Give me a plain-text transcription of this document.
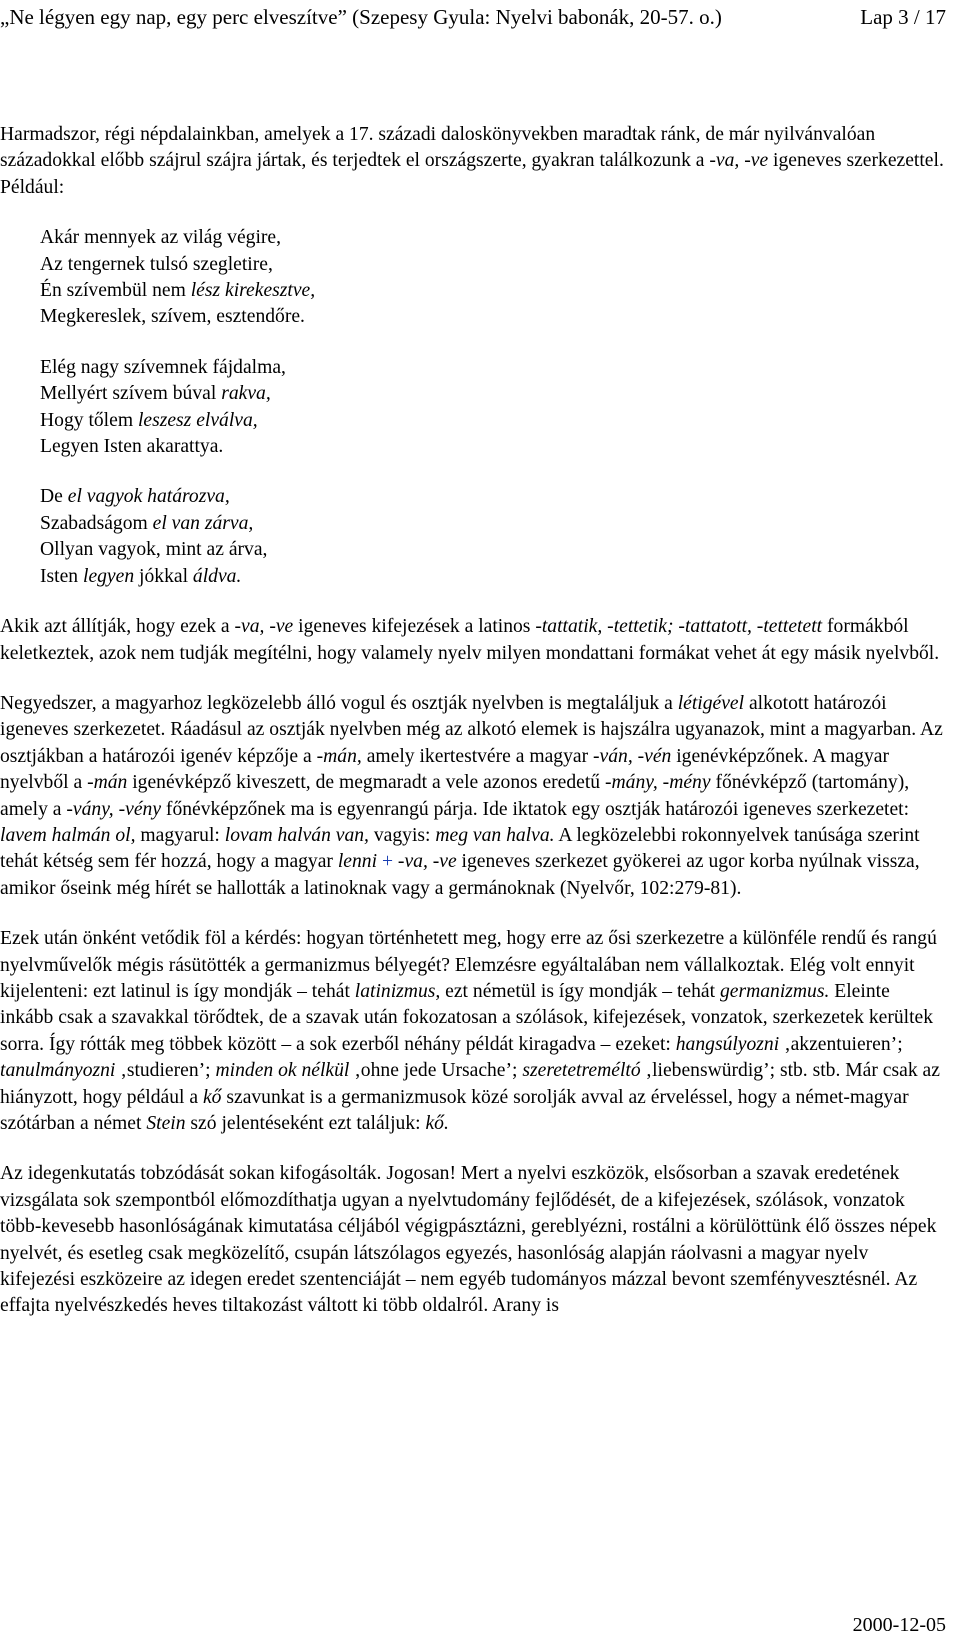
„Ne légyen egy nap, egy perc elveszítve” (Szepesy Gyula: Nyelvi babonák, 20-57. o.)	Lap 3 / 17

Harmadszor, régi népdalainkban, amelyek a 17. századi daloskönyvekben maradtak ránk, de már nyilvánvalóan századokkal előbb szájrul szájra jártak, és terjedtek el országszerte, gyakran találkozunk a -va, -ve igeneves szerkezettel. Például:

Akár mennyek az világ végire,
Az tengernek tulsó szegletire,
Én szívembül nem lész kirekesztve,
Megkereslek, szívem, esztendőre.
Elég nagy szívemnek fájdalma,
Mellyért szívem búval rakva,
Hogy tőlem leszesz elválva,
Legyen Isten akarattya.
De el vagyok határozva,
Szabadságom el van zárva,
Ollyan vagyok, mint az árva,
Isten legyen jókkal áldva.

Akik azt állítják, hogy ezek a -va, -ve igeneves kifejezések a latinos -tattatik, -tettetik; -tattatott, -tettetett formákból keletkeztek, azok nem tudják megítélni, hogy valamely nyelv milyen mondattani formákat vehet át egy másik nyelvből.

Negyedszer, a magyarhoz legközelebb álló vogul és osztják nyelvben is megtaláljuk a létigével alkotott határozói igeneves szerkezetet. Ráadásul az osztják nyelvben még az alkotó elemek is hajszálra ugyanazok, mint a magyarban. Az osztjákban a határozói igenév képzője a -mán, amely ikertestvére a magyar -ván, -vén igenévképzőnek. A magyar nyelvből a -mán igenévképző kiveszett, de megmaradt a vele azonos eredetű -mány, -mény főnévképző (tartomány), amely a -vány, -vény főnévképzőnek ma is egyenrangú párja. Ide iktatok egy osztják határozói igeneves szerkezetet: lavem halmán ol, magyarul: lovam halván van, vagyis: meg van halva. A legközelebbi rokonnyelvek tanúsága szerint tehát kétség sem fér hozzá, hogy a magyar lenni + -va, -ve igeneves szerkezet gyökerei az ugor korba nyúlnak vissza, amikor őseink még hírét se hallották a latinoknak vagy a germánoknak (Nyelvőr, 102:279-81).

Ezek után önként vetődik föl a kérdés: hogyan történhetett meg, hogy erre az ősi szerkezetre a különféle rendű és rangú nyelvművelők mégis rásütötték a germanizmus bélyegét? Elemzésre egyáltalában nem vállalkoztak. Elég volt ennyit kijelenteni: ezt latinul is így mondják – tehát latinizmus, ezt németül is így mondják – tehát germanizmus. Eleinte inkább csak a szavakkal törődtek, de a szavak után fokozatosan a szólások, kifejezések, vonzatok, szerkezetek kerültek sorra. Így rótták meg többek között – a sok ezerből néhány példát kiragadva – ezeket: hangsúlyozni ‚akzentuieren’; tanulmányozni ‚studieren’; minden ok nélkül ‚ohne jede Ursache’; szeretetreméltó ‚liebenswürdig’; stb. stb. Már csak az hiányzott, hogy például a kő szavunkat is a germanizmusok közé sorolják avval az érveléssel, hogy a német-magyar szótárban a német Stein szó jelentéseként ezt találjuk: kő.

Az idegenkutatás tobzódását sokan kifogásolták. Jogosan! Mert a nyelvi eszközök, elsősorban a szavak eredetének vizsgálata sok szempontból előmozdíthatja ugyan a nyelvtudomány fejlődését, de a kifejezések, szólások, vonzatok több-kevesebb hasonlóságának kimutatása céljából végigpásztázni, gereblyézni, rostálni a körülöttünk élő összes népek nyelvét, és esetleg csak megközelítő, csupán látszólagos egyezés, hasonlóság alapján ráolvasni a magyar nyelv kifejezési eszközeire az idegen eredet szentenciáját – nem egyéb tudományos mázzal bevont szemfényvesztésnél. Az effajta nyelvészkedés heves tiltakozást váltott ki több oldalról. Arany is

2000-12-05
